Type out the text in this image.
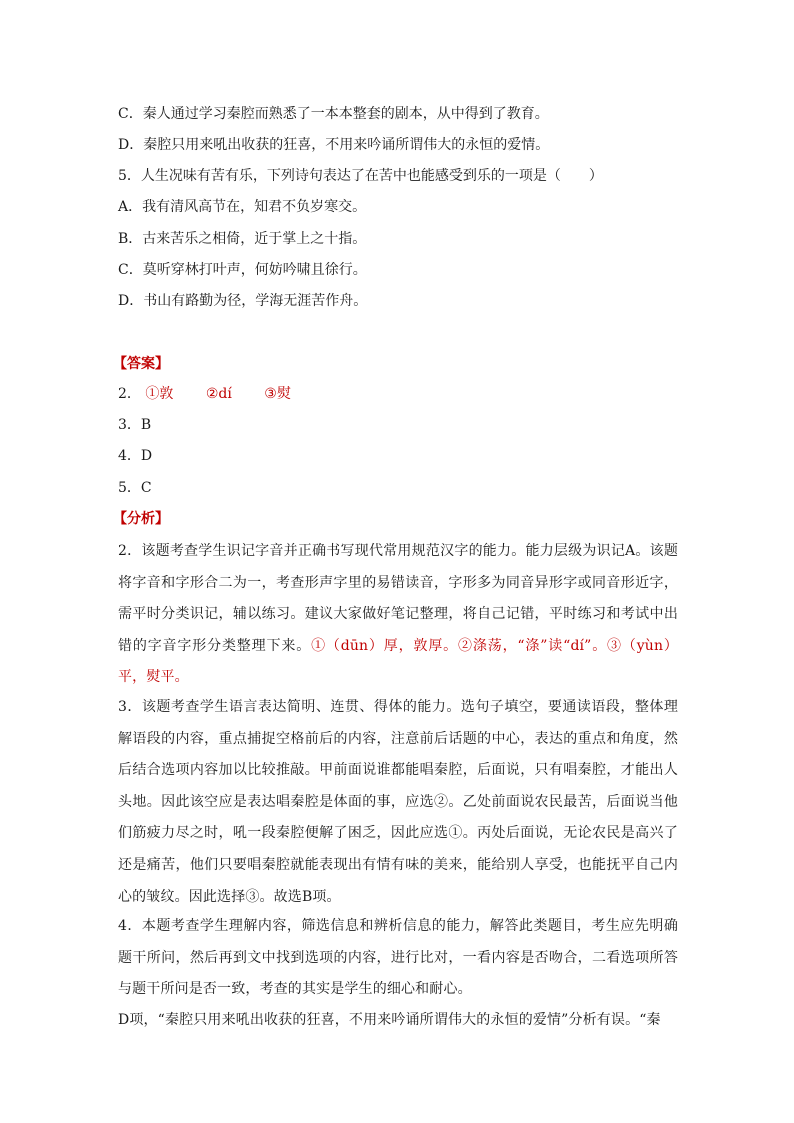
C．秦人通过学习秦腔而熟悉了一本本整套的剧本，从中得到了教育。
D．秦腔只用来吼出收获的狂喜，不用来吟诵所谓伟大的永恒的爱情。
5．人生况味有苦有乐，下列诗句表达了在苦中也能感受到乐的一项是（　　）
A．我有清风高节在，知君不负岁寒交。
B．古来苦乐之相倚，近于掌上之十指。
C．莫听穿林打叶声，何妨吟啸且徐行。
D．书山有路勤为径，学海无涯苦作舟。
【答案】
2． ①敦 ②dí ③熨
3．B
4．D
5．C
【分析】
2．该题考查学生识记字音并正确书写现代常用规范汉字的能力。能力层级为识记A。该题将字音和字形合二为一，考查形声字里的易错读音，字形多为同音异形字或同音形近字，需平时分类识记，辅以练习。建议大家做好笔记整理，将自己记错，平时练习和考试中出错的字音字形分类整理下来。①（dūn）厚，敦厚。②涤荡，“涤”读“dí”。③（yùn）平，熨平。
3．该题考查学生语言表达简明、连贯、得体的能力。选句子填空，要通读语段，整体理解语段的内容，重点捕捉空格前后的内容，注意前后话题的中心，表达的重点和角度，然后结合选项内容加以比较推敲。甲前面说谁都能唱秦腔，后面说，只有唱秦腔，才能出人头地。因此该空应是表达唱秦腔是体面的事，应选②。乙处前面说农民最苦，后面说当他们筋疲力尽之时，吼一段秦腔便解了困乏，因此应选①。丙处后面说，无论农民是高兴了还是痛苦，他们只要唱秦腔就能表现出有情有味的美来，能给别人享受，也能抚平自己内心的皱纹。因此选择③。故选B项。
4．本题考查学生理解内容，筛选信息和辨析信息的能力，解答此类题目，考生应先明确题干所问，然后再到文中找到选项的内容，进行比对，一看内容是否吻合，二看选项所答与题干所问是否一致，考查的其实是学生的细心和耐心。
D项，“秦腔只用来吼出收获的狂喜，不用来吟诵所谓伟大的永恒的爱情”分析有误。“秦
